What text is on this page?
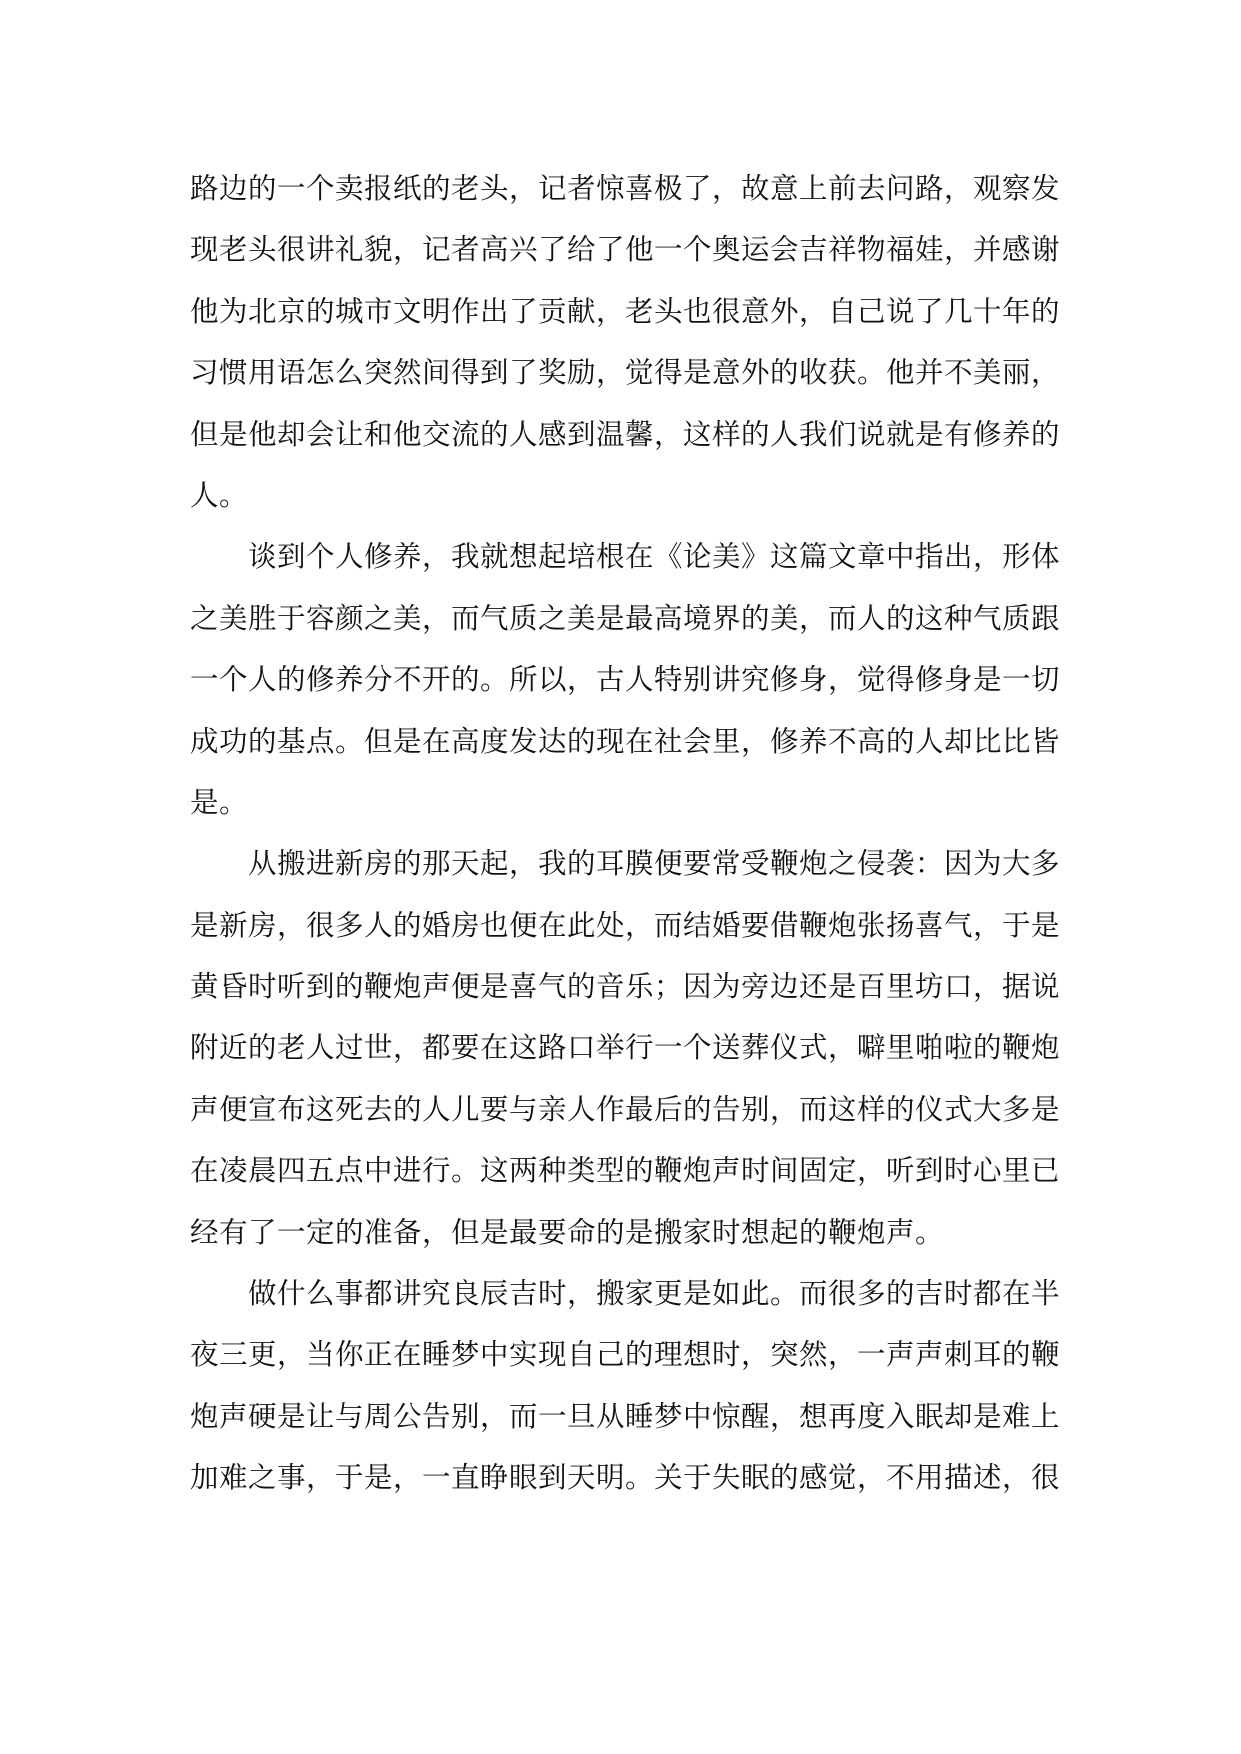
路边的一个卖报纸的老头，记者惊喜极了，故意上前去问路，观察发
现老头很讲礼貌，记者高兴了给了他一个奥运会吉祥物福娃，并感谢
他为北京的城市文明作出了贡献，老头也很意外，自己说了几十年的
习惯用语怎么突然间得到了奖励，觉得是意外的收获。他并不美丽，
但是他却会让和他交流的人感到温馨，这样的人我们说就是有修养的
人。
　　谈到个人修养，我就想起培根在《论美》这篇文章中指出，形体
之美胜于容颜之美，而气质之美是最高境界的美，而人的这种气质跟
一个人的修养分不开的。所以，古人特别讲究修身，觉得修身是一切
成功的基点。但是在高度发达的现在社会里，修养不高的人却比比皆
是。
　　从搬进新房的那天起，我的耳膜便要常受鞭炮之侵袭：因为大多
是新房，很多人的婚房也便在此处，而结婚要借鞭炮张扬喜气，于是
黄昏时听到的鞭炮声便是喜气的音乐；因为旁边还是百里坊口，据说
附近的老人过世，都要在这路口举行一个送葬仪式，噼里啪啦的鞭炮
声便宣布这死去的人儿要与亲人作最后的告别，而这样的仪式大多是
在凌晨四五点中进行。这两种类型的鞭炮声时间固定，听到时心里已
经有了一定的准备，但是最要命的是搬家时想起的鞭炮声。
　　做什么事都讲究良辰吉时，搬家更是如此。而很多的吉时都在半
夜三更，当你正在睡梦中实现自己的理想时，突然，一声声刺耳的鞭
炮声硬是让与周公告别，而一旦从睡梦中惊醒，想再度入眠却是难上
加难之事，于是，一直睁眼到天明。关于失眠的感觉，不用描述，很
